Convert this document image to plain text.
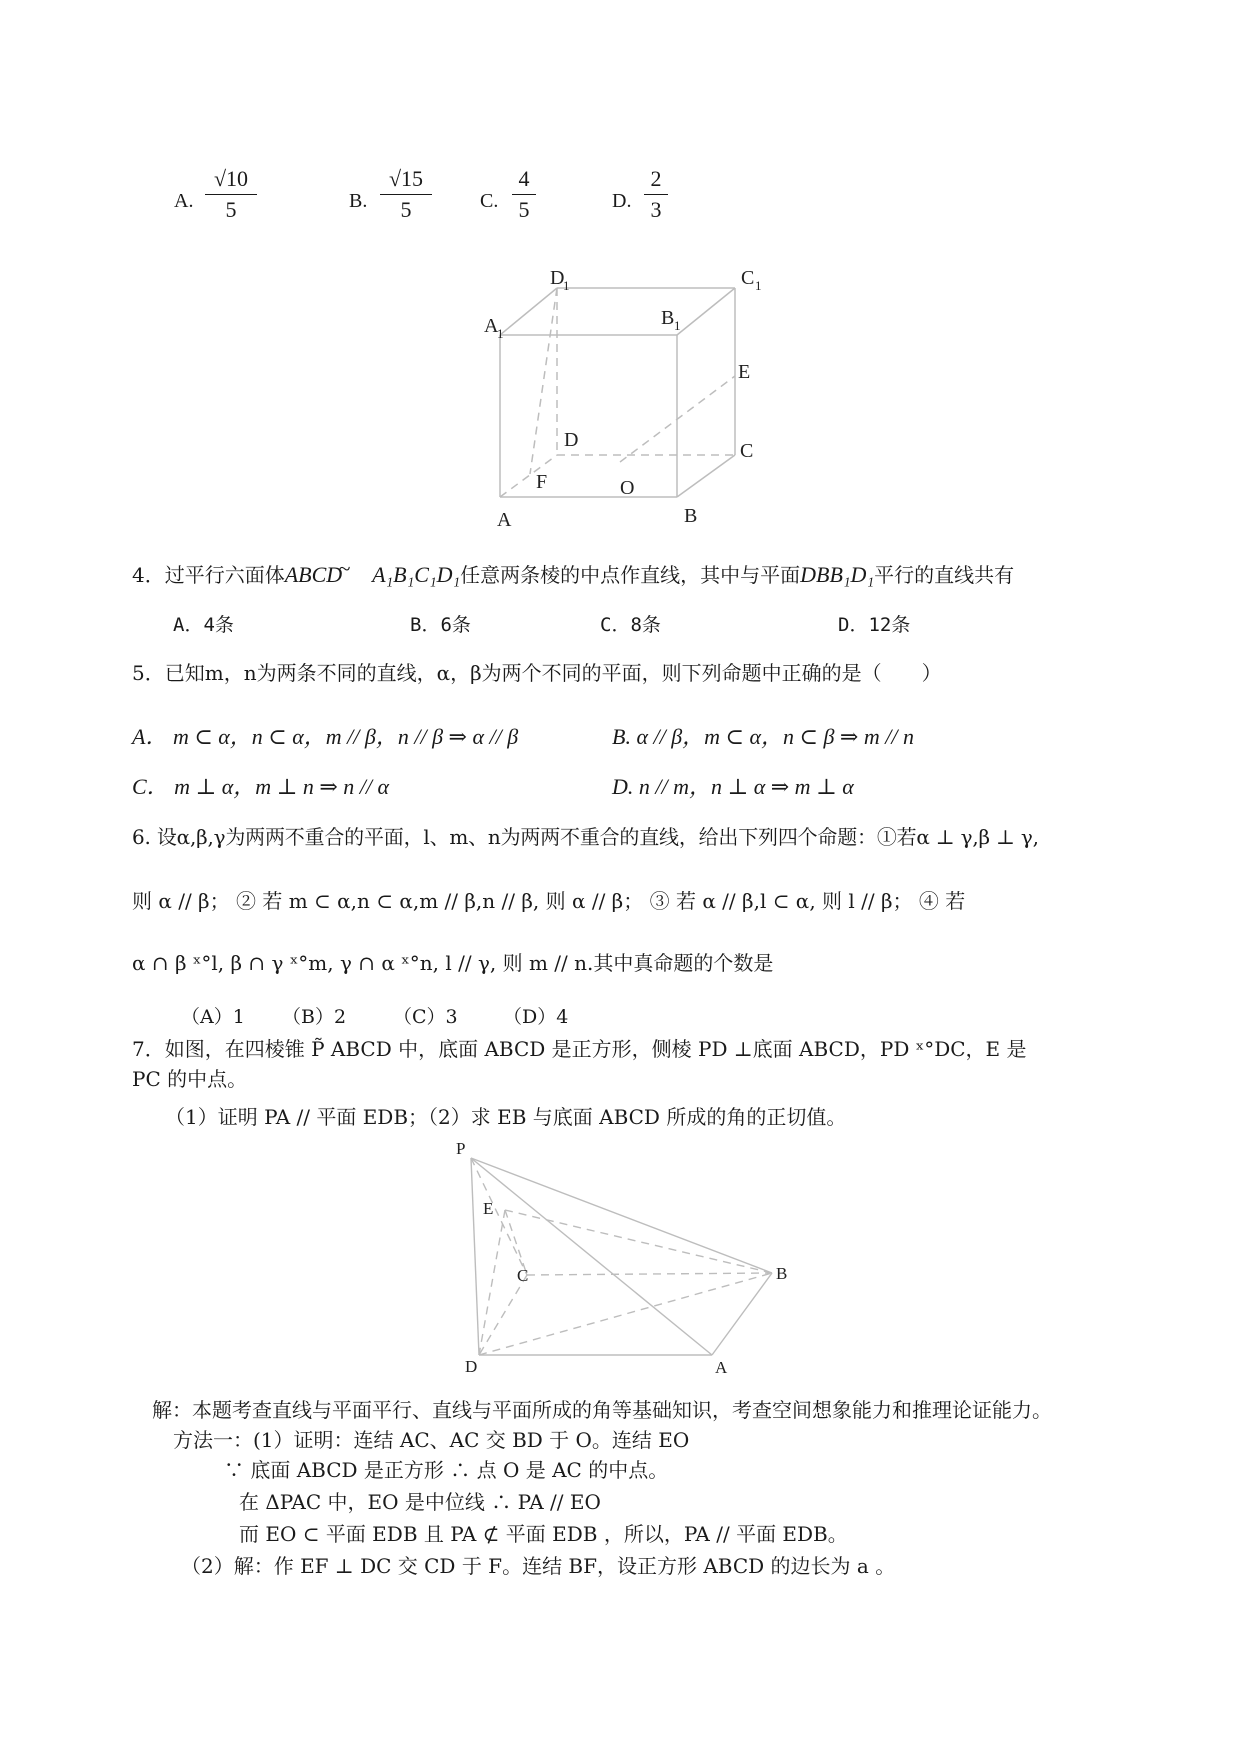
A.
√10
5	B.
√15
5	C.
4
5	D.
2
3
D
1	C 1
A
1
B 1
E
D	C
F	O
A	B
4．过平行六面体ABCD~ A₁B₁C₁D₁任意两条棱的中点作直线，其中与平面DBB₁D₁平行的直线共有
A．4条	B．6条	C．8条	D．12条
5．已知m，n为两条不同的直线，α，β为两个不同的平面，则下列命题中正确的是（　　）
A． m ⊂ α，n ⊂ α，m // β，n // β ⇒ α // β	B. α // β，m ⊂ α，n ⊂ β ⇒ m // n
C． m ⊥ α，m ⊥ n ⇒ n // α	D. n // m，n ⊥ α ⇒ m ⊥ α
6. 设α,β,γ为两两不重合的平面，l、m、n为两两不重合的直线，给出下列四个命题：①若α ⊥ γ,β ⊥ γ,
则 α // β； ② 若 m ⊂ α,n ⊂ α,m // β,n // β, 则 α // β； ③ 若 α // β,l ⊂ α, 则 l // β； ④ 若
α ∩ β ˣ°l, β ∩ γ ˣ°m, γ ∩ α ˣ°n, l // γ, 则 m // n.其中真命题的个数是
（A）1 （B）2 （C）3 （D）4
7．如图，在四棱锥 P̃ ABCD 中，底面 ABCD 是正方形，侧棱 PD ⊥底面 ABCD，PD ˣ°DC，E 是
PC 的中点。
（1）证明 PA // 平面 EDB；（2）求 EB 与底面 ABCD 所成的角的正切值。
P
E
C	B
D	A
解：本题考查直线与平面平行、直线与平面所成的角等基础知识，考查空间想象能力和推理论证能力。
方法一：(1）证明：连结 AC、AC 交 BD 于 O。连结 EO
∵ 底面 ABCD 是正方形 ∴ 点 O 是 AC 的中点。
在 ΔPAC 中，EO 是中位线 ∴ PA // EO
而 EO ⊂ 平面 EDB 且 PA ⊄ 平面 EDB ，所以，PA // 平面 EDB。
（2）解：作 EF ⊥ DC 交 CD 于 F。连结 BF，设正方形 ABCD 的边长为 a 。
